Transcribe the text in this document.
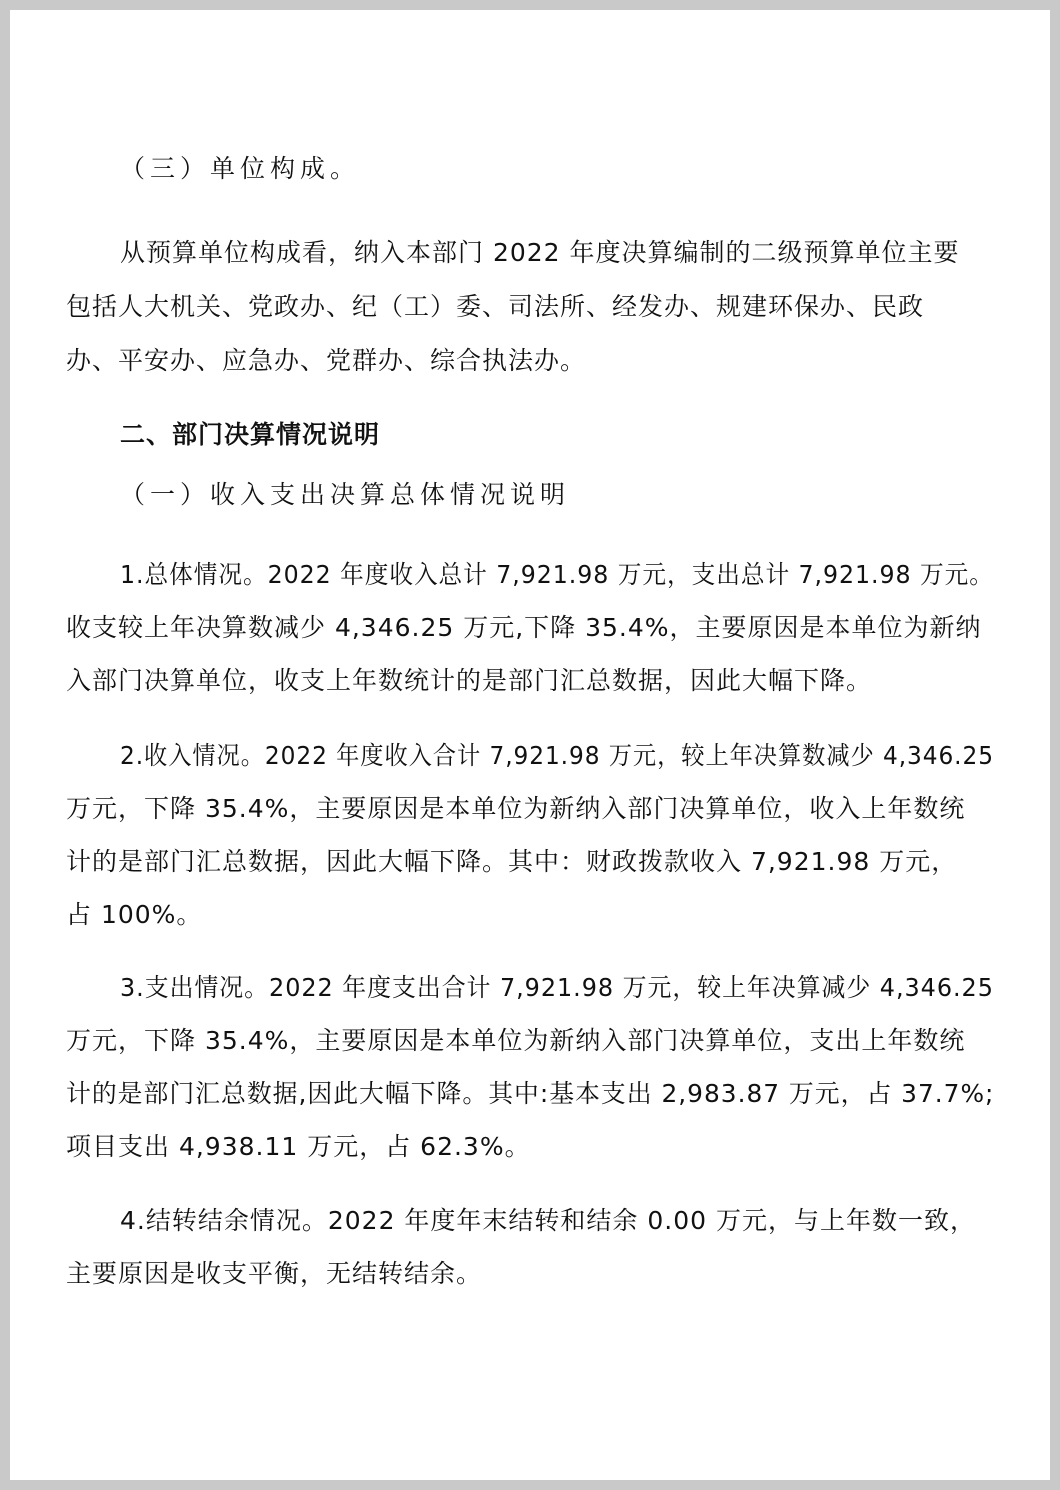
（三）单位构成。

从预算单位构成看，纳入本部门 2022 年度决算编制的二级预算单位主要

包括人大机关、党政办、纪（工）委、司法所、经发办、规建环保办、民政

办、平安办、应急办、党群办、综合执法办。

二、部门决算情况说明

（一）收入支出决算总体情况说明

1.总体情况。2022 年度收入总计 7,921.98 万元，支出总计 7,921.98 万元。

收支较上年决算数减少 4,346.25 万元,下降 35.4%，主要原因是本单位为新纳

入部门决算单位，收支上年数统计的是部门汇总数据，因此大幅下降。

2.收入情况。2022 年度收入合计 7,921.98 万元，较上年决算数减少 4,346.25

万元，下降 35.4%，主要原因是本单位为新纳入部门决算单位，收入上年数统

计的是部门汇总数据，因此大幅下降。其中：财政拨款收入 7,921.98 万元，

占 100%。

3.支出情况。2022 年度支出合计 7,921.98 万元，较上年决算减少 4,346.25

万元，下降 35.4%，主要原因是本单位为新纳入部门决算单位，支出上年数统

计的是部门汇总数据,因此大幅下降。其中:基本支出 2,983.87 万元，占 37.7%;

项目支出 4,938.11 万元，占 62.3%。

4.结转结余情况。2022 年度年末结转和结余 0.00 万元，与上年数一致，

主要原因是收支平衡，无结转结余。
